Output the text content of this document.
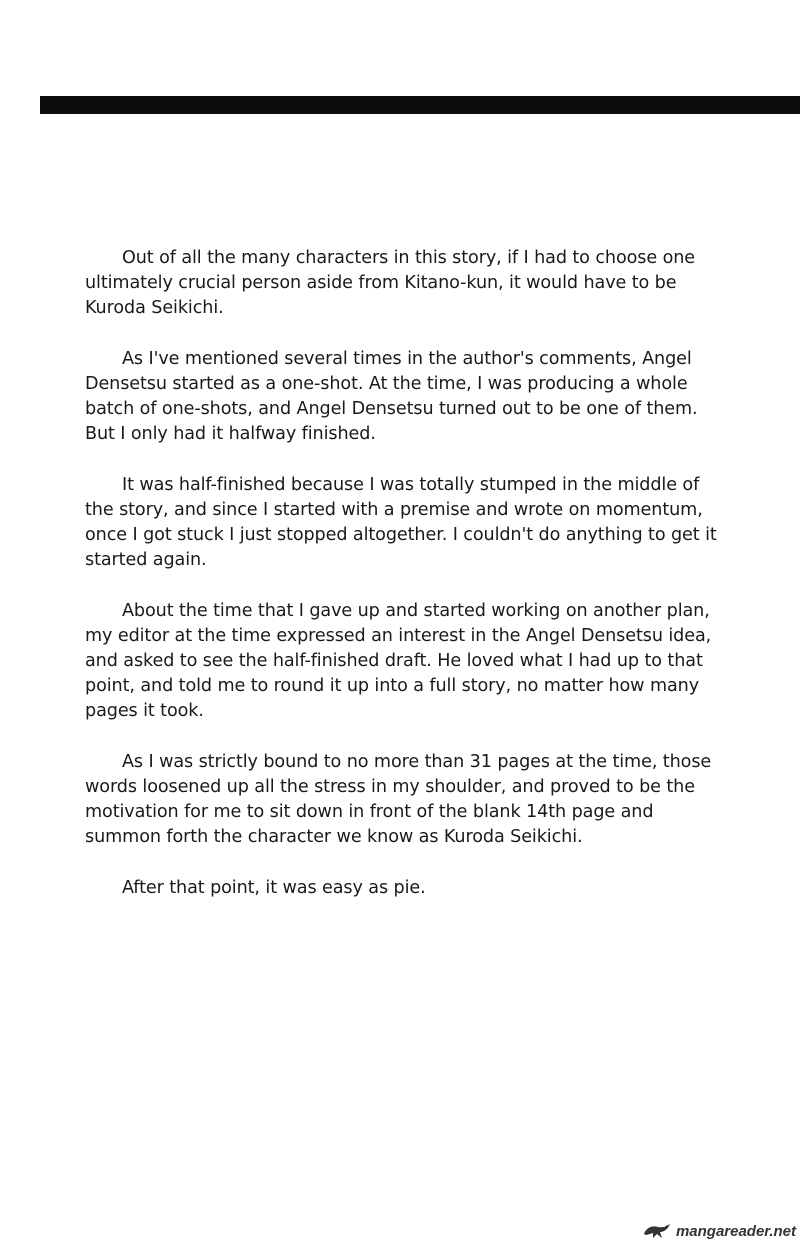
Out of all the many characters in this story, if I had to choose one
ultimately crucial person aside from Kitano-kun, it would have to be
Kuroda Seikichi.

As I've mentioned several times in the author's comments, Angel
Densetsu started as a one-shot. At the time, I was producing a whole
batch of one-shots, and Angel Densetsu turned out to be one of them.
But I only had it halfway finished.

It was half-finished because I was totally stumped in the middle of
the story, and since I started with a premise and wrote on momentum,
once I got stuck I just stopped altogether. I couldn't do anything to get it
started again.

About the time that I gave up and started working on another plan,
my editor at the time expressed an interest in the Angel Densetsu idea,
and asked to see the half-finished draft. He loved what I had up to that
point, and told me to round it up into a full story, no matter how many
pages it took.

As I was strictly bound to no more than 31 pages at the time, those
words loosened up all the stress in my shoulder, and proved to be the
motivation for me to sit down in front of the blank 14th page and
summon forth the character we know as Kuroda Seikichi.

After that point, it was easy as pie.

mangareader.net
